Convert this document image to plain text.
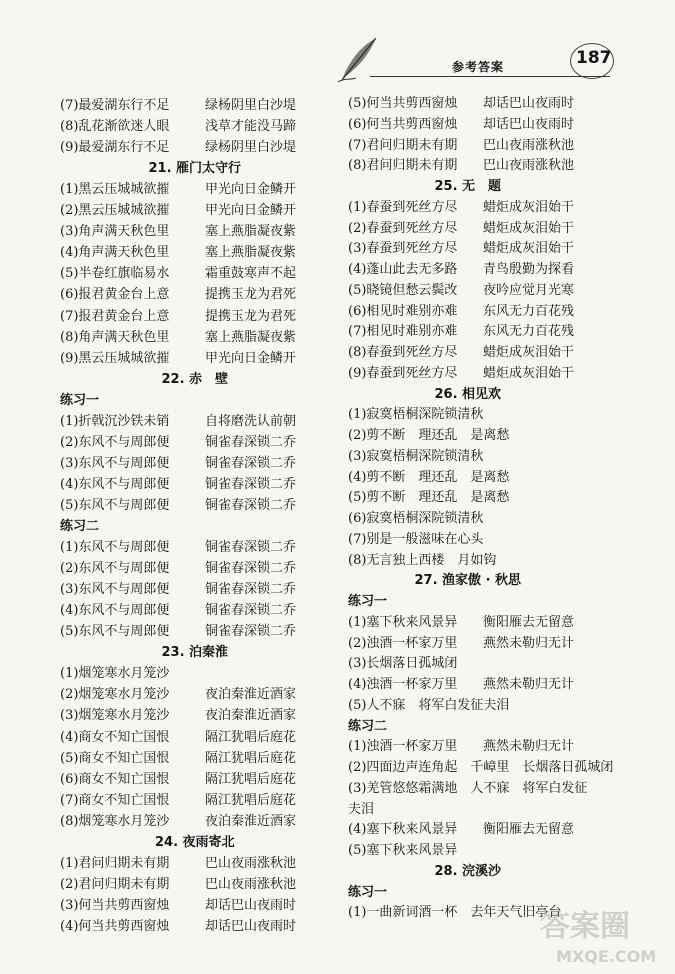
参考答案	187
(7)最爱湖东行不足	绿杨阴里白沙堤
(8)乱花渐欲迷人眼	浅草才能没马蹄
(9)最爱湖东行不足	绿杨阴里白沙堤
21. 雁门太守行
(1)黑云压城城欲摧	甲光向日金鳞开
(2)黑云压城城欲摧	甲光向日金鳞开
(3)角声满天秋色里	塞上燕脂凝夜紫
(4)角声满天秋色里	塞上燕脂凝夜紫
(5)半卷红旗临易水	霜重鼓寒声不起
(6)报君黄金台上意	提携玉龙为君死
(7)报君黄金台上意	提携玉龙为君死
(8)角声满天秋色里	塞上燕脂凝夜紫
(9)黑云压城城欲摧	甲光向日金鳞开
22. 赤　壁
练习一
(1)折戟沉沙铁未销	自将磨洗认前朝
(2)东风不与周郎便	铜雀春深锁二乔
(3)东风不与周郎便	铜雀春深锁二乔
(4)东风不与周郎便	铜雀春深锁二乔
(5)东风不与周郎便	铜雀春深锁二乔
练习二
(1)东风不与周郎便	铜雀春深锁二乔
(2)东风不与周郎便	铜雀春深锁二乔
(3)东风不与周郎便	铜雀春深锁二乔
(4)东风不与周郎便	铜雀春深锁二乔
(5)东风不与周郎便	铜雀春深锁二乔
23. 泊秦淮
(1)烟笼寒水月笼沙
(2)烟笼寒水月笼沙	夜泊秦淮近酒家
(3)烟笼寒水月笼沙	夜泊秦淮近酒家
(4)商女不知亡国恨	隔江犹唱后庭花
(5)商女不知亡国恨	隔江犹唱后庭花
(6)商女不知亡国恨	隔江犹唱后庭花
(7)商女不知亡国恨	隔江犹唱后庭花
(8)烟笼寒水月笼沙	夜泊秦淮近酒家
24. 夜雨寄北
(1)君问归期未有期	巴山夜雨涨秋池
(2)君问归期未有期	巴山夜雨涨秋池
(3)何当共剪西窗烛	却话巴山夜雨时
(4)何当共剪西窗烛	却话巴山夜雨时
(5)何当共剪西窗烛 却话巴山夜雨时
(6)何当共剪西窗烛 却话巴山夜雨时
(7)君问归期未有期 巴山夜雨涨秋池
(8)君问归期未有期 巴山夜雨涨秋池
25. 无　题
(1)春蚕到死丝方尽 蜡炬成灰泪始干
(2)春蚕到死丝方尽 蜡炬成灰泪始干
(3)春蚕到死丝方尽 蜡炬成灰泪始干
(4)蓬山此去无多路 青鸟殷勤为探看
(5)晓镜但愁云鬓改 夜吟应觉月光寒
(6)相见时难别亦难 东风无力百花残
(7)相见时难别亦难 东风无力百花残
(8)春蚕到死丝方尽 蜡炬成灰泪始干
(9)春蚕到死丝方尽 蜡炬成灰泪始干
26. 相见欢
(1)寂寞梧桐深院锁清秋
(2)剪不断　理还乱　是离愁
(3)寂寞梧桐深院锁清秋
(4)剪不断　理还乱　是离愁
(5)剪不断　理还乱　是离愁
(6)寂寞梧桐深院锁清秋
(7)别是一般滋味在心头
(8)无言独上西楼　月如钩
27. 渔家傲 · 秋思
练习一
(1)塞下秋来风景异 衡阳雁去无留意
(2)浊酒一杯家万里 燕然未勒归无计
(3)长烟落日孤城闭
(4)浊酒一杯家万里 燕然未勒归无计
(5)人不寐　将军白发征夫泪
练习二
(1)浊酒一杯家万里 燕然未勒归无计
(2)四面边声连角起　千嶂里　长烟落日孤城闭
(3)羌管悠悠霜满地　人不寐　将军白发征
夫泪
(4)塞下秋来风景异 衡阳雁去无留意
(5)塞下秋来风景异
28. 浣溪沙
练习一
(1)一曲新词酒一杯　去年天气旧亭台
答案圈
MXQE.COM
